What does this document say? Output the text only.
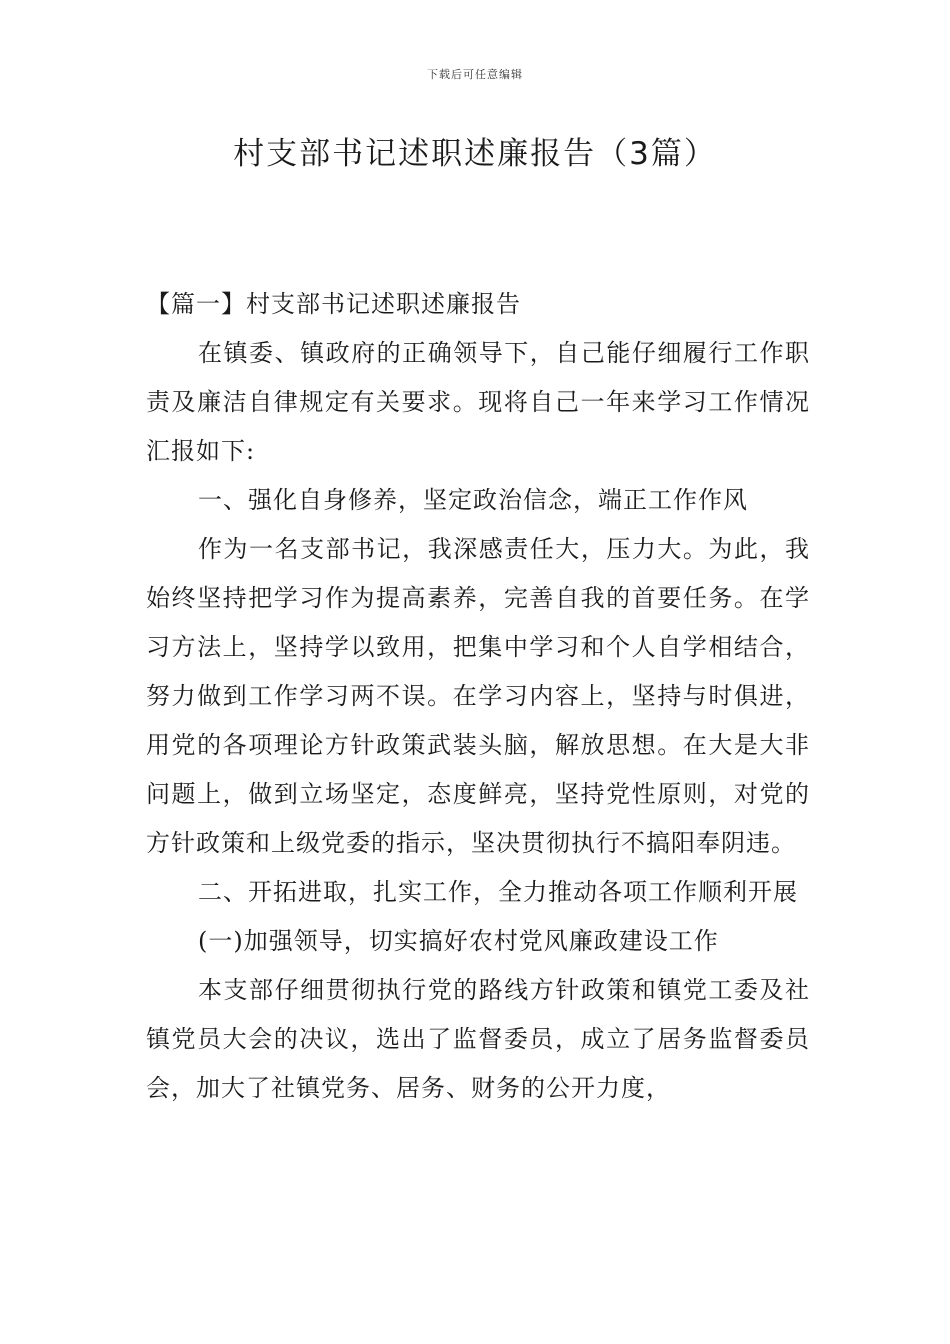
下载后可任意编辑
村支部书记述职述廉报告（3篇）

【篇一】村支部书记述职述廉报告

在镇委、镇政府的正确领导下，自己能仔细履行工作职责及廉洁自律规定有关要求。现将自己一年来学习工作情况汇报如下:

一、强化自身修养，坚定政治信念，端正工作作风

作为一名支部书记，我深感责任大，压力大。为此，我始终坚持把学习作为提高素养，完善自我的首要任务。在学习方法上，坚持学以致用，把集中学习和个人自学相结合，努力做到工作学习两不误。在学习内容上，坚持与时俱进，用党的各项理论方针政策武装头脑，解放思想。在大是大非问题上，做到立场坚定，态度鲜亮，坚持党性原则，对党的方针政策和上级党委的指示，坚决贯彻执行不搞阳奉阴违。

二、开拓进取，扎实工作，全力推动各项工作顺利开展

(一)加强领导，切实搞好农村党风廉政建设工作

本支部仔细贯彻执行党的路线方针政策和镇党工委及社镇党员大会的决议，选出了监督委员，成立了居务监督委员会，加大了社镇党务、居务、财务的公开力度，
